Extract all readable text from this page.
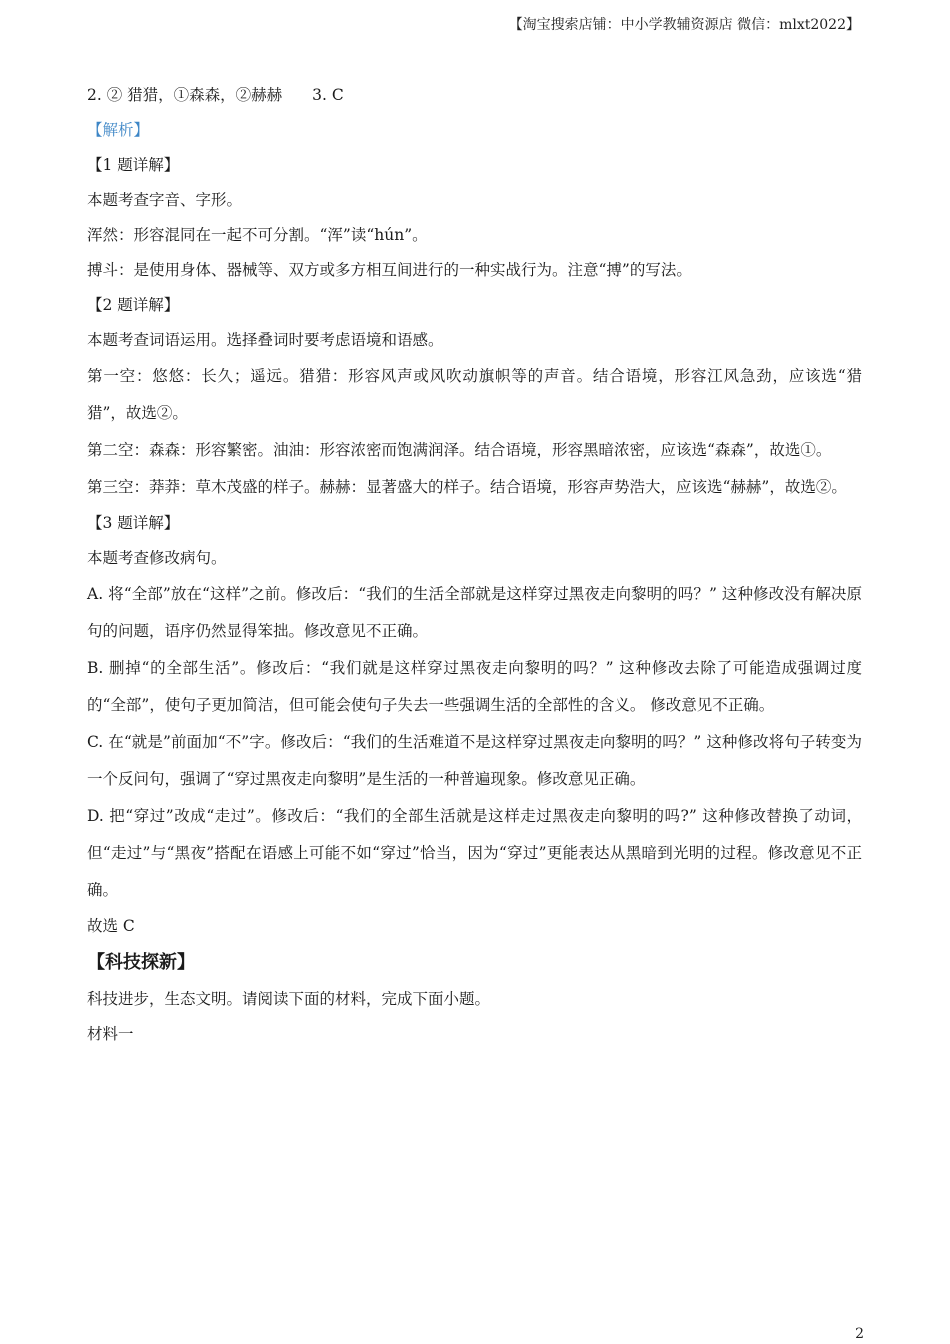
【淘宝搜索店铺：中小学教辅资源店 微信：mlxt2022】
2. ② 猎猎，①森森，②赫赫 3. C
【解析】
【1 题详解】
本题考查字音、字形。
浑然：形容混同在一起不可分割。“浑”读“hún”。
搏斗：是使用身体、器械等、双方或多方相互间进行的一种实战行为。注意“搏”的写法。
【2 题详解】
本题考查词语运用。选择叠词时要考虑语境和语感。
第一空：悠悠：长久；遥远。猎猎：形容风声或风吹动旗帜等的声音。结合语境，形容江风急劲，应该选“猎猎”，故选②。
第二空：森森：形容繁密。油油：形容浓密而饱满润泽。结合语境，形容黑暗浓密，应该选“森森”，故选①。
第三空：莽莽：草木茂盛的样子。赫赫：显著盛大的样子。结合语境，形容声势浩大，应该选“赫赫”，故选②。
【3 题详解】
本题考查修改病句。
A. 将“全部”放在“这样”之前。修改后：“我们的生活全部就是这样穿过黑夜走向黎明的吗？” 这种修改没有解决原句的问题，语序仍然显得笨拙。修改意见不正确。
B. 删掉“的全部生活”。修改后：“我们就是这样穿过黑夜走向黎明的吗？” 这种修改去除了可能造成强调过度的“全部”，使句子更加简洁，但可能会使句子失去一些强调生活的全部性的含义。 修改意见不正确。
C. 在“就是”前面加“不”字。修改后：“我们的生活难道不是这样穿过黑夜走向黎明的吗？” 这种修改将句子转变为一个反问句，强调了“穿过黑夜走向黎明”是生活的一种普遍现象。修改意见正确。
D. 把“穿过”改成“走过”。修改后：“我们的全部生活就是这样走过黑夜走向黎明的吗?” 这种修改替换了动词，但“走过”与“黑夜”搭配在语感上可能不如“穿过”恰当，因为“穿过”更能表达从黑暗到光明的过程。修改意见不正确。
故选 C
【科技探新】
科技进步，生态文明。请阅读下面的材料，完成下面小题。
材料一
2
